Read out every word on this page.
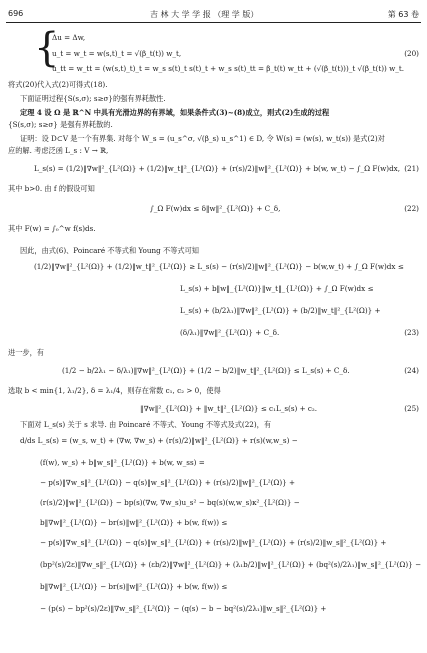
696	吉 林 大 学 学 报 （理 学 版）	第 63 卷
{
Δu = Δw,
u_t = w_t = w(s,t)_t = √(β_t(t)) w_t,
u_tt = w_tt = (w(s,t)_t)_t = w_s s(t)_t s(t)_t + w_s s(t)_tt = β_t(t) w_tt + (√(β_t(t)))_t √(β_t(t)) w_t.
(20)
将式(20)代入式(2)可得式(18).
下面证明过程{S(s,σ); s≥σ}的强有界耗散性.
定理 4 设 Ω 是 ℝ^N 中具有光滑边界的有界域，如果条件式(3)~(8)成立，则式(2)生成的过程
{S(s,σ); s≥σ} 是强有界耗散的.
证明：设 D⊂V 是一个有界集. 对每个 W_s = (u_s^σ, √(β_s) u_s^1) ∈ D, 令 W(s) = (w(s), w_t(s)) 是式(2)对
应的解. 考虑泛函 L_s : V → ℝ,
L_s(s) = (1/2)‖∇w‖²_{L²(Ω)} + (1/2)‖w_t‖²_{L²(Ω)} + (r(s)/2)‖w‖²_{L²(Ω)} + b(w, w_t) − ∫_Ω F(w)dx, (21)
其中 b>0. 由 f 的假设可知
∫_Ω F(w)dx ≤ δ‖w‖²_{L²(Ω)} + C_δ,	(22)
其中 F(w) = ∫₀^w f(s)ds.
因此，由式(6)、Poincaré 不等式和 Young 不等式可知
(1/2)‖∇w‖²_{L²(Ω)} + (1/2)‖w_t‖²_{L²(Ω)} ≥ L_s(s) − (r(s)/2)‖w‖²_{L²(Ω)} − b(w,w_t) + ∫_Ω F(w)dx ≤
L_s(s) + b‖w‖_{L²(Ω)}‖w_t‖_{L²(Ω)} + ∫_Ω F(w)dx ≤
L_s(s) + (b/2λ₁)‖∇w‖²_{L²(Ω)} + (b/2)‖w_t‖²_{L²(Ω)} +
(δ/λ₁)‖∇w‖²_{L²(Ω)} + C_δ.	(23)
进一步，有
(1/2 − b/2λ₁ − δ/λ₁)‖∇w‖²_{L²(Ω)} + (1/2 − b/2)‖w_t‖²_{L²(Ω)} ≤ L_s(s) + C_δ.	(24)
选取 b < min{1, λ₁/2}, δ = λ₁/4，则存在常数 c₁, c₂ > 0，使得
‖∇w‖²_{L²(Ω)} + ‖w_t‖²_{L²(Ω)} ≤ c₁L_s(s) + c₂.	(25)
下面对 L_s(s) 关于 s 求导. 由 Poincaré 不等式、Young 不等式及式(22)，有
d/ds L_s(s) = (w_s, w_t) + (∇w, ∇w_s) + (r(s)/2)‖w‖²_{L²(Ω)} + r(s)(w,w_s) −
(f(w), w_s) + b‖w_s‖²_{L²(Ω)} + b(w, w_ss) =
− p(s)‖∇w_s‖²_{L²(Ω)} − q(s)‖w_s‖²_{L²(Ω)} + (r(s)/2)‖w‖²_{L²(Ω)} +
(r(s)/2)‖w‖²_{L²(Ω)} − bp(s)(∇w, ∇w_s)u_s² − bq(s)(w,w_s)κ²_{L²(Ω)} −
b‖∇w‖²_{L²(Ω)} − br(s)‖w‖²_{L²(Ω)} + b(w, f(w)) ≤
− p(s)‖∇w_s‖²_{L²(Ω)} − q(s)‖w_s‖²_{L²(Ω)} + (r(s)/2)‖w‖²_{L²(Ω)} + (r(s)/2)‖w_s‖²_{L²(Ω)} +
(bp²(s)/2ε)‖∇w_s‖²_{L²(Ω)} + (εb/2)‖∇w‖²_{L²(Ω)} + (λ₁b/2)‖w‖²_{L²(Ω)} + (bq²(s)/2λ₁)‖w_s‖²_{L²(Ω)} −
b‖∇w‖²_{L²(Ω)} − br(s)‖w‖²_{L²(Ω)} + b(w, f(w)) ≤
− (p(s) − bp²(s)/2ε)‖∇w_s‖²_{L²(Ω)} − (q(s) − b − bq²(s)/2λ₁)‖w_s‖²_{L²(Ω)} +
